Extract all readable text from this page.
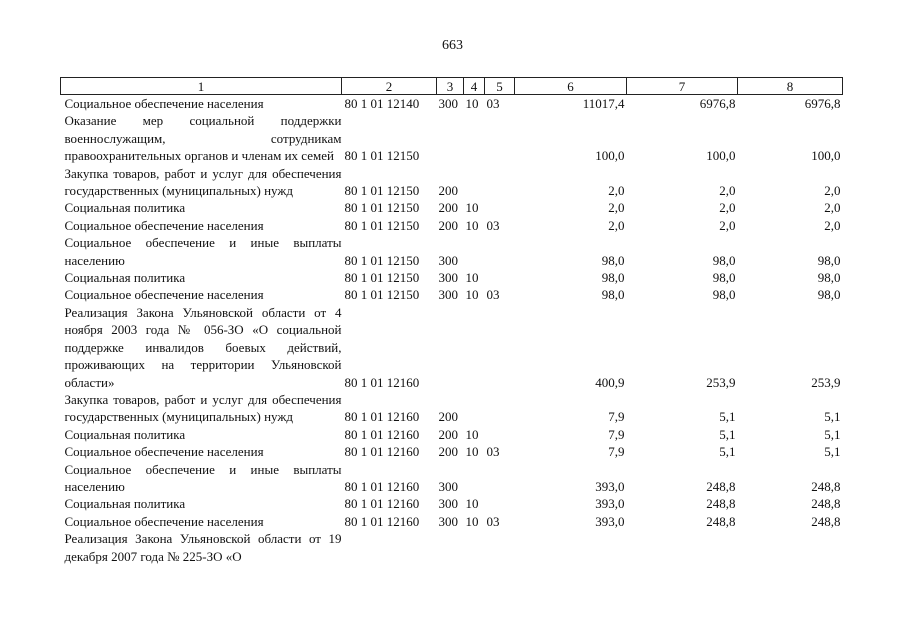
663
1	2	3	4	5	6	7	8
Социальное обеспечение населения	80 1 01 12140	300	10	03	11017,4	6976,8	6976,8
Оказание мер социальной поддержки военнослужащим, сотрудникам правоохранительных органов и членам их семей	80 1 01 12150				100,0	100,0	100,0
Закупка товаров, работ и услуг для обеспечения государственных (муниципальных) нужд	80 1 01 12150	200			2,0	2,0	2,0
Социальная политика	80 1 01 12150	200	10		2,0	2,0	2,0
Социальное обеспечение населения	80 1 01 12150	200	10	03	2,0	2,0	2,0
Социальное обеспечение и иные выплаты населению	80 1 01 12150	300			98,0	98,0	98,0
Социальная политика	80 1 01 12150	300	10		98,0	98,0	98,0
Социальное обеспечение населения	80 1 01 12150	300	10	03	98,0	98,0	98,0
Реализация Закона Ульяновской области от 4 ноября 2003 года № 056-ЗО «О социальной поддержке инвалидов боевых действий, проживающих на территории Ульяновской области»	80 1 01 12160				400,9	253,9	253,9
Закупка товаров, работ и услуг для обеспечения государственных (муниципальных) нужд	80 1 01 12160	200			7,9	5,1	5,1
Социальная политика	80 1 01 12160	200	10		7,9	5,1	5,1
Социальное обеспечение населения	80 1 01 12160	200	10	03	7,9	5,1	5,1
Социальное обеспечение и иные выплаты населению	80 1 01 12160	300			393,0	248,8	248,8
Социальная политика	80 1 01 12160	300	10		393,0	248,8	248,8
Социальное обеспечение населения	80 1 01 12160	300	10	03	393,0	248,8	248,8
Реализация Закона Ульяновской области от 19 декабря 2007 года № 225-ЗО «О							
